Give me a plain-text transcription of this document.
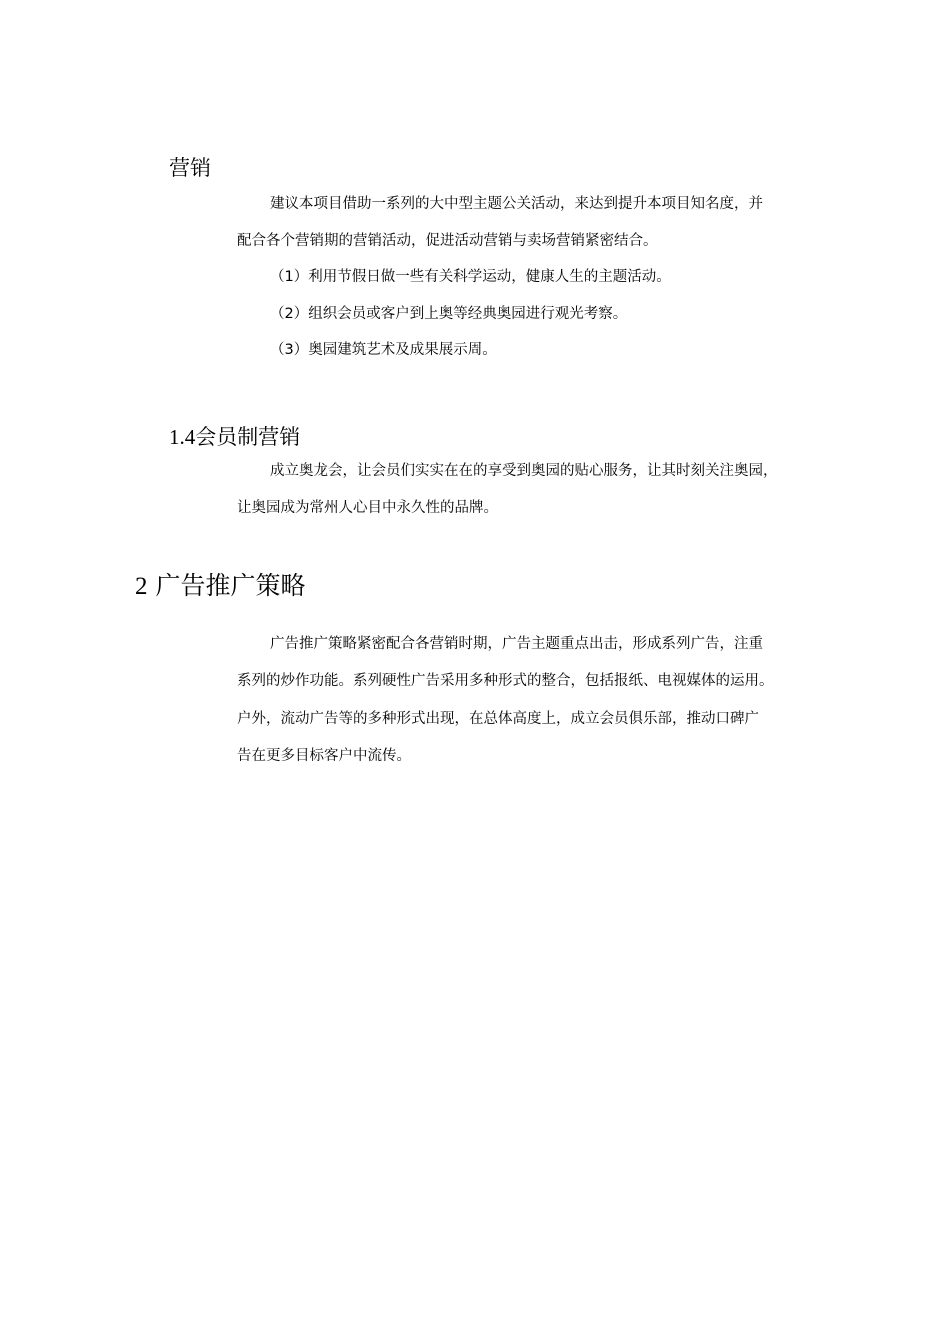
营销
建议本项目借助一系列的大中型主题公关活动，来达到提升本项目知名度，并
配合各个营销期的营销活动，促进活动营销与卖场营销紧密结合。
（1）利用节假日做一些有关科学运动，健康人生的主题活动。
（2）组织会员或客户到上奥等经典奥园进行观光考察。
（3）奥园建筑艺术及成果展示周。
1.4会员制营销
成立奥龙会，让会员们实实在在的享受到奥园的贴心服务，让其时刻关注奥园，
让奥园成为常州人心目中永久性的品牌。
2 广告推广策略
广告推广策略紧密配合各营销时期，广告主题重点出击，形成系列广告，注重
系列的炒作功能。系列硬性广告采用多种形式的整合，包括报纸、电视媒体的运用。
户外，流动广告等的多种形式出现，在总体高度上，成立会员俱乐部，推动口碑广
告在更多目标客户中流传。
